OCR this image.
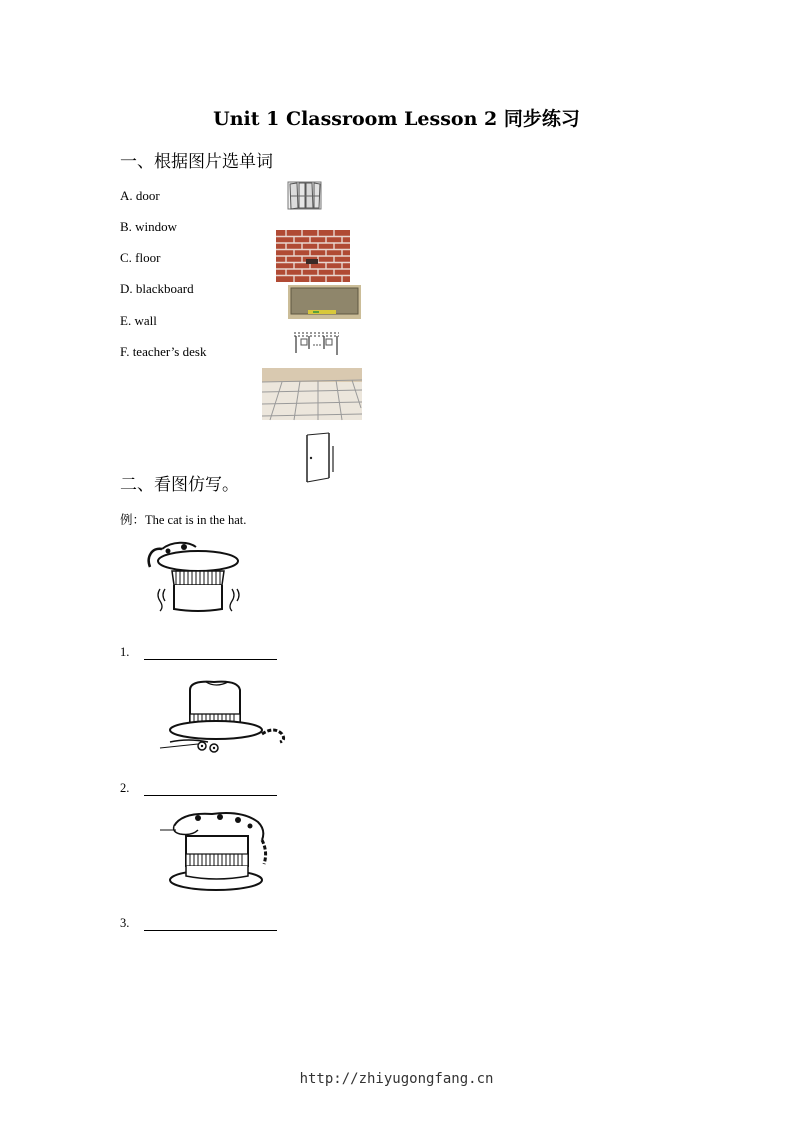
Unit 1 Classroom Lesson 2 同步练习
一、根据图片选单词
A. door
B. window
C. floor
D. blackboard
E. wall
F. teacher’s desk
二、看图仿写。
例：The cat is in the hat.
1.
2.
3.
http://zhiyugongfang.cn
